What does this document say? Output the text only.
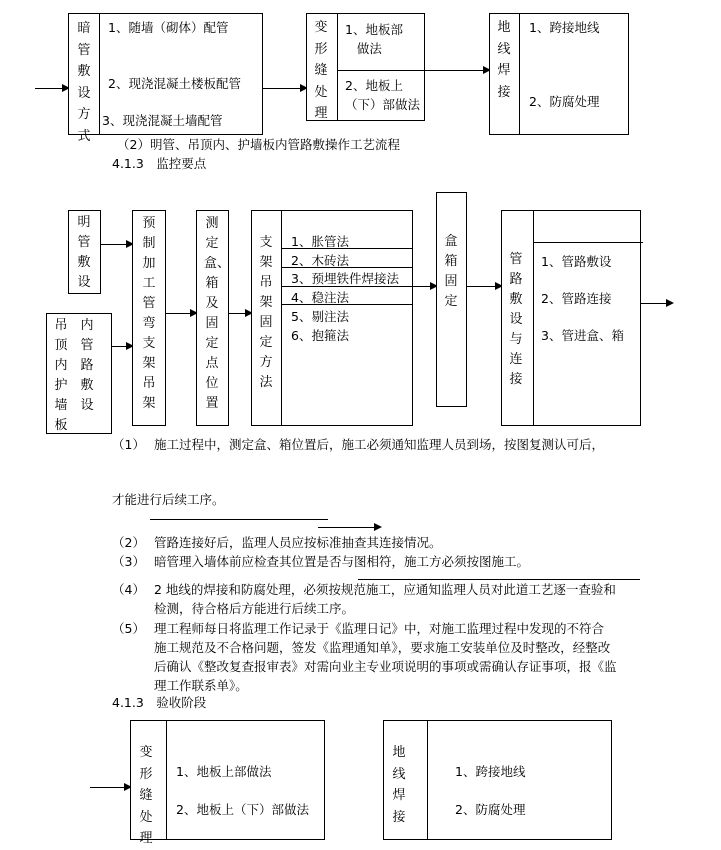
暗管敷设方式
1、随墙（砌体）配管
2、现浇混凝土楼板配管
3、现浇混凝土墙配管
变形缝处理
1、地板部
做法
2、地板上
（下）部做法
地线焊接
1、跨接地线
2、防腐处理
（2）明管、吊顶内、护墙板内管路敷操作工艺流程
4.1.3　监控要点
明管敷设
吊顶内护墙板
内管路敷设
预制加工管弯支架吊架
测定盒、箱及固定点位置
支架吊架固定方法
1、胀管法
2、木砖法
3、预埋铁件焊接法
4、稳注法
5、剔注法
6、抱箍法
盒箱固定
管路敷设与连接
1、管路敷设
2、管路连接
3、管进盒、箱
（1） 施工过程中，测定盒、箱位置后，施工必须通知监理人员到场，按图复测认可后，
才能进行后续工序。
（2） 管路连接好后，监理人员应按标准抽查其连接情况。
（3） 暗管理入墙体前应检查其位置是否与图相符，施工方必须按图施工。
（4） 2 地线的焊接和防腐处理，必须按规范施工，应通知监理人员对此道工艺逐一查验和
检测，待合格后方能进行后续工序。
（5） 理工程师每日将监理工作记录于《监理日记》中，对施工监理过程中发现的不符合
施工规范及不合格问题，签发《监理通知单》，要求施工安装单位及时整改，经整改
后确认《整改复查报审表》对需向业主专业项说明的事项或需确认存证事项，报《监
理工作联系单》。
4.1.3　验收阶段
变形缝处理
1、地板上部做法
2、地板上（下）部做法
地线焊接
1、跨接地线
2、防腐处理
